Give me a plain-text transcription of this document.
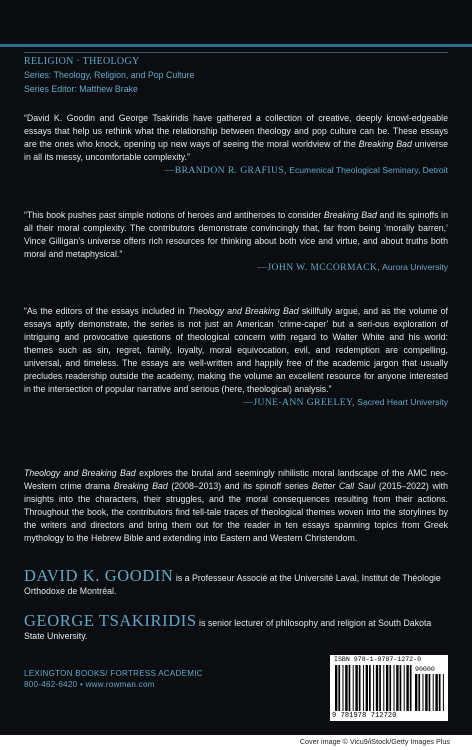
RELIGION · THEOLOGY
Series: Theology, Religion, and Pop Culture
Series Editor: Matthew Brake

“David K. Goodin and George Tsakiridis have gathered a collection of creative, deeply knowl-edgeable essays that help us rethink what the relationship between theology and pop culture can be. These essays are the ones who knock, opening up new ways of seeing the moral worldview of the Breaking Bad universe in all its messy, uncomfortable complexity.”

—BRANDON R. GRAFIUS, Ecumenical Theological Seminary, Detroit

“This book pushes past simple notions of heroes and antiheroes to consider Breaking Bad and its spinoffs in all their moral complexity. The contributors demonstrate convincingly that, far from being ‘morally barren,’ Vince Gilligan’s universe offers rich resources for thinking about both vice and virtue, and about truths both moral and metaphysical.”

—JOHN W. MCCORMACK, Aurora University

“As the editors of the essays included in Theology and Breaking Bad skillfully argue, and as the volume of essays aptly demonstrate, the series is not just an American ‘crime-caper’ but a seri-ous exploration of intriguing and provocative questions of theological concern with regard to Walter White and his world: themes such as sin, regret, family, loyalty, moral equivocation, evil, and redemption are compelling, universal, and timeless. The essays are well-written and happily free of the academic jargon that usually precludes readership outside the academy, making the volume an excellent resource for anyone interested in the intersection of popular narrative and serious (here, theological) analysis.”
—JUNE-ANN GREELEY, Sacred Heart University

Theology and Breaking Bad explores the brutal and seemingly nihilistic moral landscape of the AMC neo-Western crime drama Breaking Bad (2008–2013) and its spinoff series Better Call Saul (2015–2022) with insights into the characters, their struggles, and the moral consequences resulting from their actions. Throughout the book, the contributors find tell-tale traces of theological themes woven into the storylines by the writers and directors and bring them out for the reader in ten essays spanning topics from Greek mythology to the Hebrew Bible and extending into Eastern and Western Christendom.
DAVID K. GOODIN is a Professeur Associé at the Université Laval, Institut de Théologie Orthodoxe de Montréal.
GEORGE TSAKIRIDIS is senior lecturer of philosophy and religion at South Dakota State University.
LEXINGTON BOOKS/ FORTRESS ACADEMIC
800-462-6420 • www.rowman.com
ISBN 978-1-9787-1272-0
90000
9 781978 712720
Cover image © Vicu9/iStock/Getty Images Plus
